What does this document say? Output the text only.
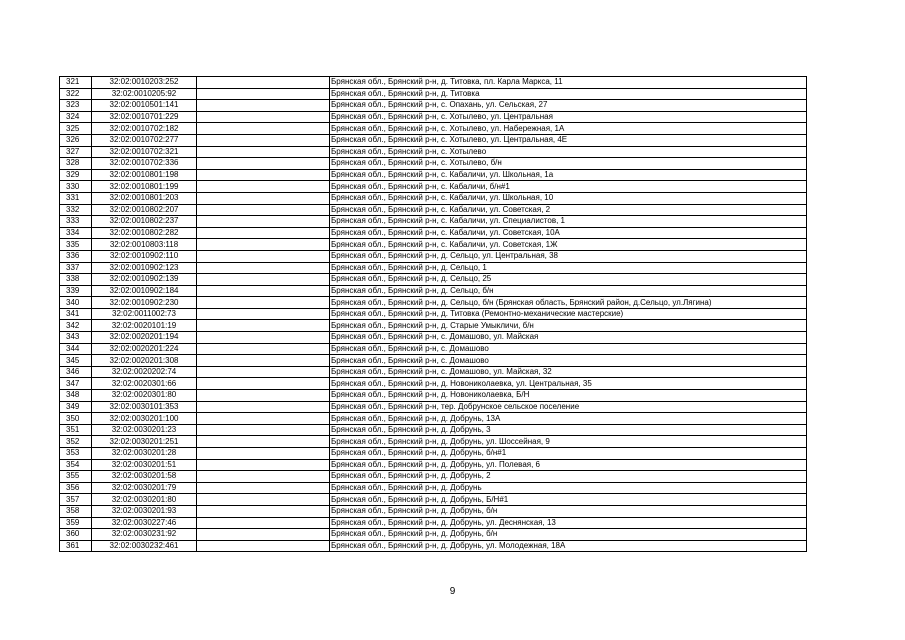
321	32:02:0010203:252		Брянская обл., Брянский р-н, д. Титовка, пл. Карла Маркса, 11
322	32:02:0010205:92		Брянская обл., Брянский р-н, д. Титовка
323	32:02:0010501:141		Брянская обл., Брянский р-н, с. Опахань, ул. Сельская, 27
324	32:02:0010701:229		Брянская обл., Брянский р-н, с. Хотылево, ул. Центральная
325	32:02:0010702:182		Брянская обл., Брянский р-н, с. Хотылево, ул. Набережная, 1А
326	32:02:0010702:277		Брянская обл., Брянский р-н, с. Хотылево, ул. Центральная, 4Е
327	32:02:0010702:321		Брянская обл., Брянский р-н, с. Хотылево
328	32:02:0010702:336		Брянская обл., Брянский р-н, с. Хотылево, б/н
329	32:02:0010801:198		Брянская обл., Брянский р-н, с. Кабаличи, ул. Школьная, 1а
330	32:02:0010801:199		Брянская обл., Брянский р-н, с. Кабаличи, б/н#1
331	32:02:0010801:203		Брянская обл., Брянский р-н, с. Кабаличи, ул. Школьная, 10
332	32:02:0010802:207		Брянская обл., Брянский р-н, с. Кабаличи, ул. Советская, 2
333	32:02:0010802:237		Брянская обл., Брянский р-н, с. Кабаличи, ул. Специалистов, 1
334	32:02:0010802:282		Брянская обл., Брянский р-н, с. Кабаличи, ул. Советская, 10А
335	32:02:0010803:118		Брянская обл., Брянский р-н, с. Кабаличи, ул. Советская, 1Ж
336	32:02:0010902:110		Брянская обл., Брянский р-н, д. Сельцо, ул. Центральная, 38
337	32:02:0010902:123		Брянская обл., Брянский р-н, д. Сельцо, 1
338	32:02:0010902:139		Брянская обл., Брянский р-н, д. Сельцо, 25
339	32:02:0010902:184		Брянская обл., Брянский р-н, д. Сельцо, б/н
340	32:02:0010902:230		Брянская обл., Брянский р-н, д. Сельцо, б/н (Брянская область, Брянский район, д.Сельцо, ул.Лягина)
341	32:02:0011002:73		Брянская обл., Брянский р-н, д. Титовка (Ремонтно-механические мастерские)
342	32:02:0020101:19		Брянская обл., Брянский р-н, д. Старые Умыкличи, б/н
343	32:02:0020201:194		Брянская обл., Брянский р-н, с. Домашово, ул. Майская
344	32:02:0020201:224		Брянская обл., Брянский р-н, с. Домашово
345	32:02:0020201:308		Брянская обл., Брянский р-н, с. Домашово
346	32:02:0020202:74		Брянская обл., Брянский р-н, с. Домашово, ул. Майская, 32
347	32:02:0020301:66		Брянская обл., Брянский р-н, д. Новониколаевка, ул. Центральная, 35
348	32:02:0020301:80		Брянская обл., Брянский р-н, д. Новониколаевка, Б/Н
349	32:02:0030101:353		Брянская обл., Брянский р-н, тер. Добрунское сельское поселение
350	32:02:0030201:100		Брянская обл., Брянский р-н, д. Добрунь, 13А
351	32:02:0030201:23		Брянская обл., Брянский р-н, д. Добрунь, 3
352	32:02:0030201:251		Брянская обл., Брянский р-н, д. Добрунь, ул. Шоссейная, 9
353	32:02:0030201:28		Брянская обл., Брянский р-н, д. Добрунь, б/н#1
354	32:02:0030201:51		Брянская обл., Брянский р-н, д. Добрунь, ул. Полевая, 6
355	32:02:0030201:58		Брянская обл., Брянский р-н, д. Добрунь, 2
356	32:02:0030201:79		Брянская обл., Брянский р-н, д. Добрунь
357	32:02:0030201:80		Брянская обл., Брянский р-н, д. Добрунь, Б/Н#1
358	32:02:0030201:93		Брянская обл., Брянский р-н, д. Добрунь, б/н
359	32:02:0030227:46		Брянская обл., Брянский р-н, д. Добрунь, ул. Деснянская, 13
360	32:02:0030231:92		Брянская обл., Брянский р-н, д. Добрунь, б/н
361	32:02:0030232:461		Брянская обл., Брянский р-н, д. Добрунь, ул. Молодежная, 18А
9
